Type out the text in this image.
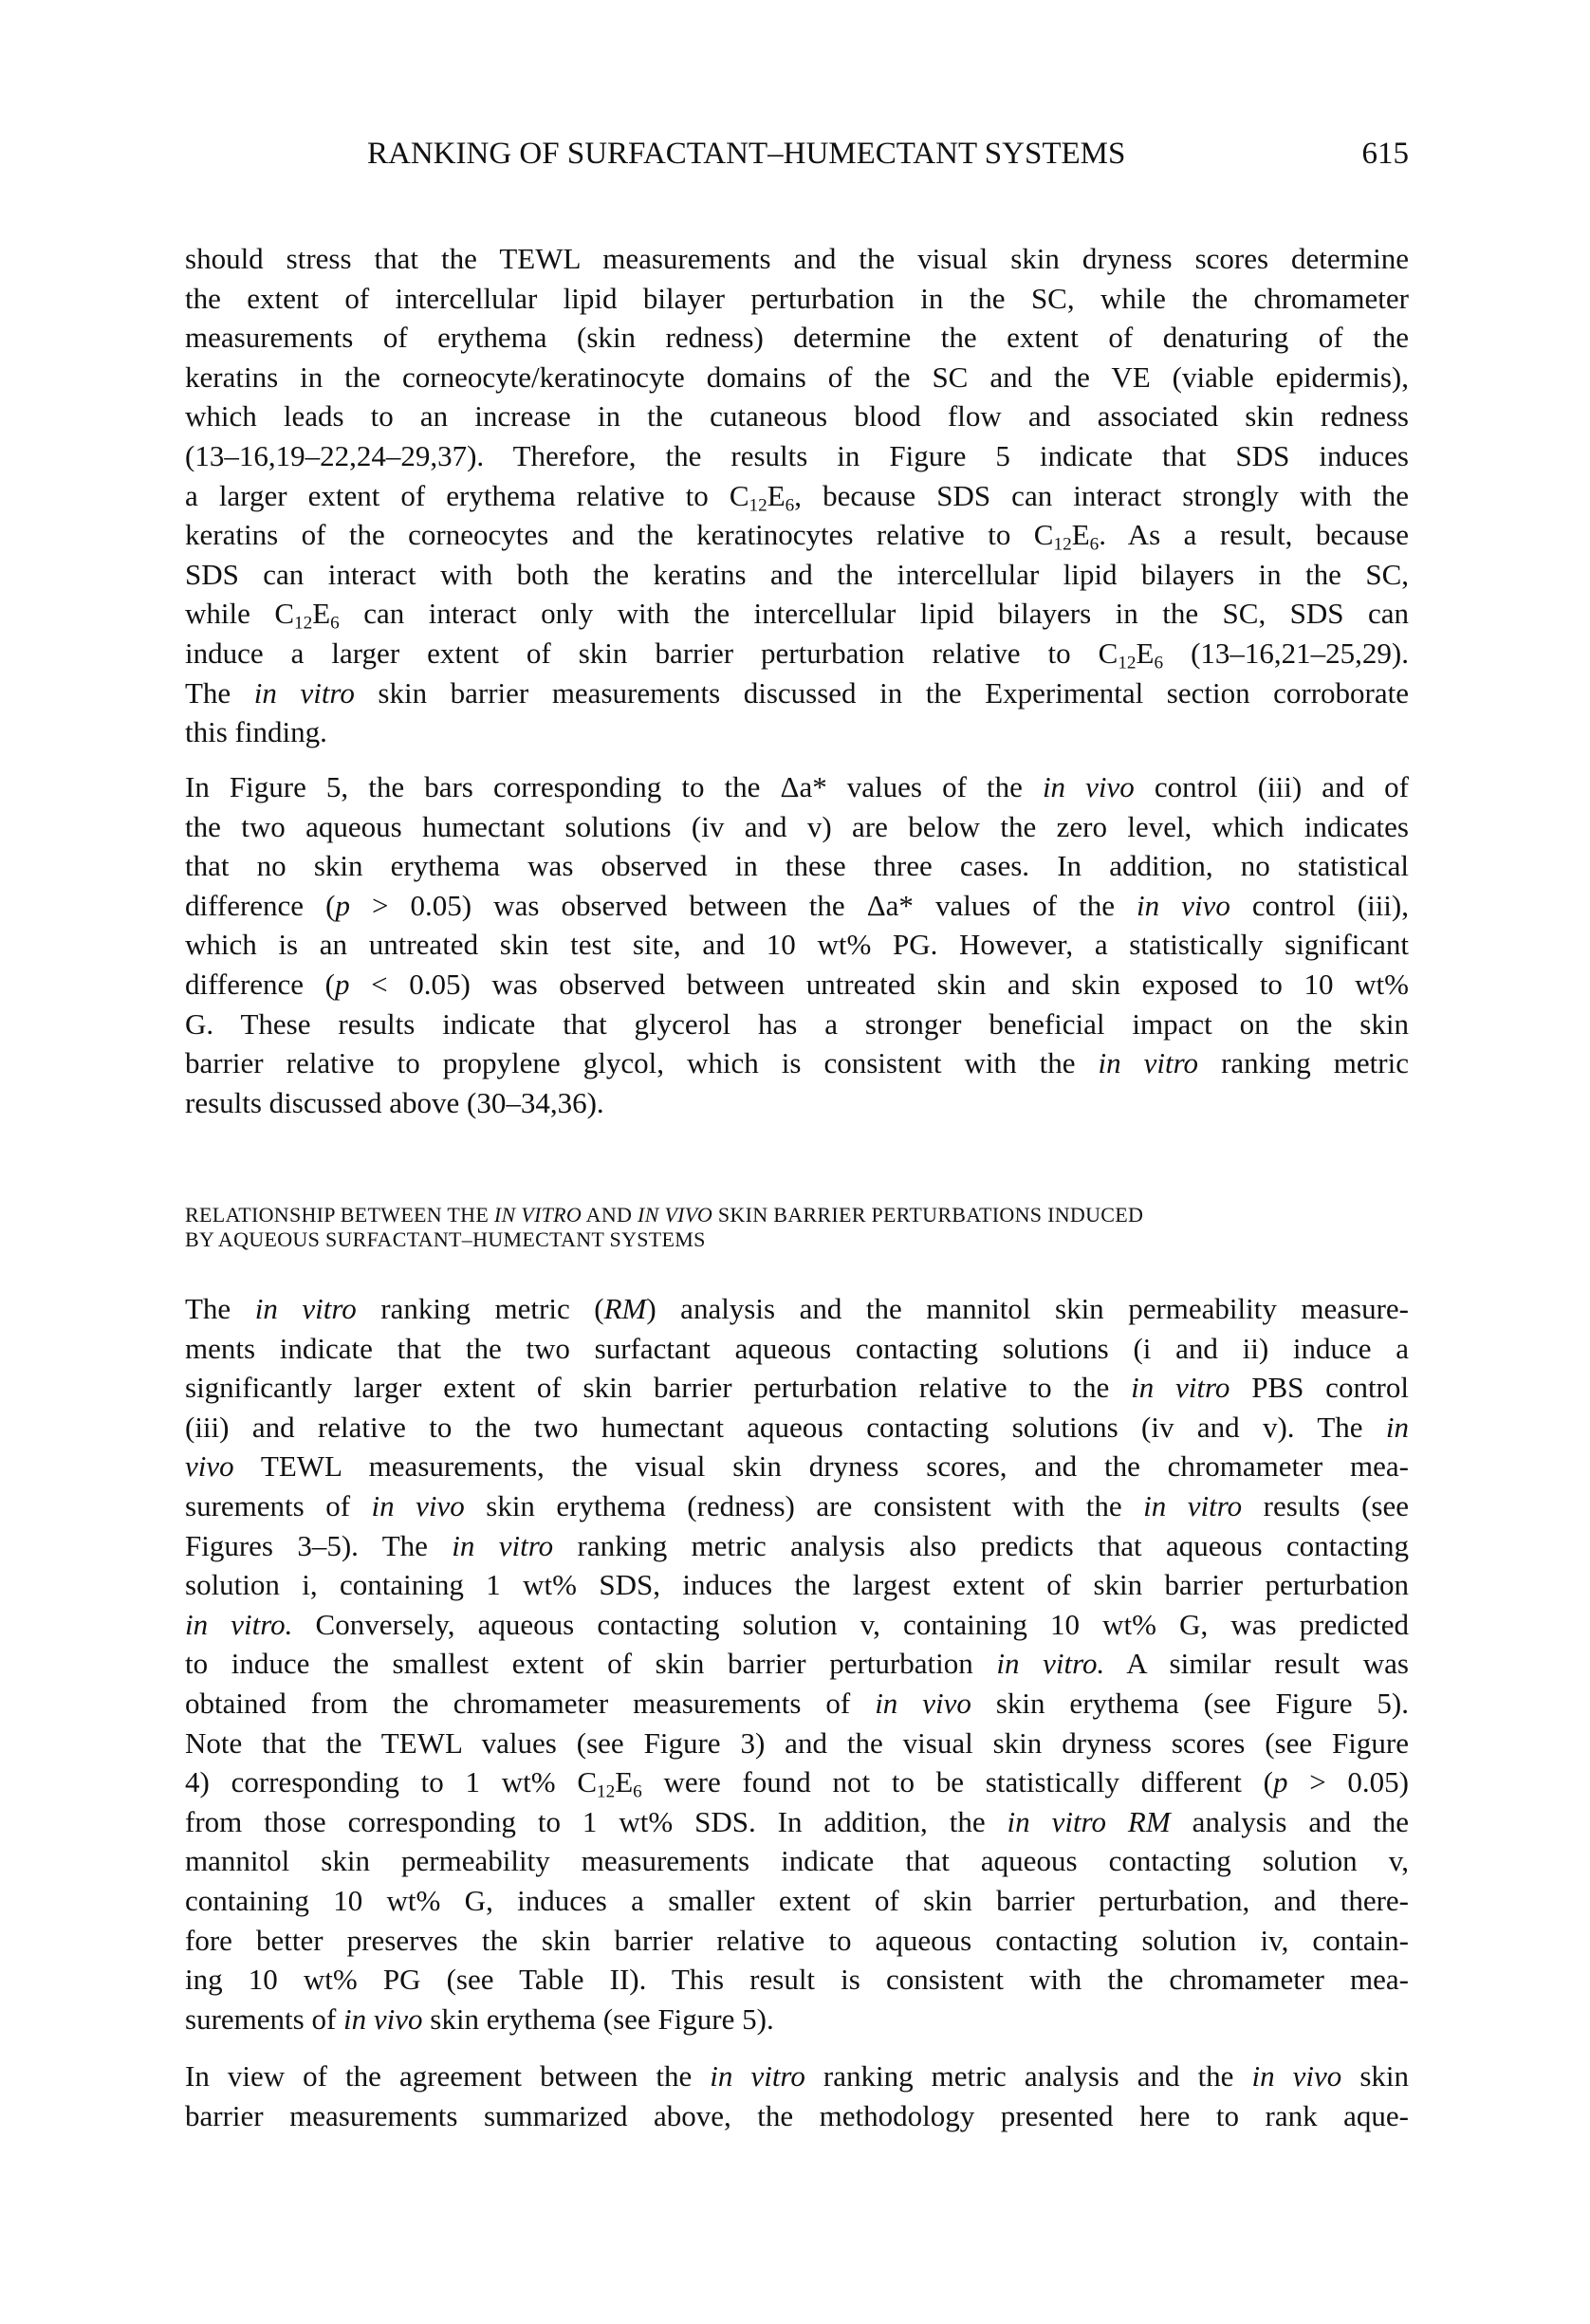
RANKING OF SURFACTANT–HUMECTANT SYSTEMS	615
should stress that the TEWL measurements and the visual skin dryness scores determine
the extent of intercellular lipid bilayer perturbation in the SC, while the chromameter
measurements of erythema (skin redness) determine the extent of denaturing of the
keratins in the corneocyte/keratinocyte domains of the SC and the VE (viable epidermis),
which leads to an increase in the cutaneous blood flow and associated skin redness
(13–16,19–22,24–29,37). Therefore, the results in Figure 5 indicate that SDS induces
a larger extent of erythema relative to $C_{12}E_6$, because SDS can interact strongly with the
keratins of the corneocytes and the keratinocytes relative to $C_{12}E_6$. As a result, because
SDS can interact with both the keratins and the intercellular lipid bilayers in the SC,
while $C_{12}E_6$ can interact only with the intercellular lipid bilayers in the SC, SDS can
induce a larger extent of skin barrier perturbation relative to $C_{12}E_6$ (13–16,21–25,29).
The in vitro skin barrier measurements discussed in the Experimental section corroborate
this finding.
In Figure 5, the bars corresponding to the Δa* values of the in vivo control (iii) and of
the two aqueous humectant solutions (iv and v) are below the zero level, which indicates
that no skin erythema was observed in these three cases. In addition, no statistical
difference (p > 0.05) was observed between the Δa* values of the in vivo control (iii),
which is an untreated skin test site, and 10 wt% PG. However, a statistically significant
difference (p < 0.05) was observed between untreated skin and skin exposed to 10 wt%
G. These results indicate that glycerol has a stronger beneficial impact on the skin
barrier relative to propylene glycol, which is consistent with the in vitro ranking metric
results discussed above (30–34,36).
RELATIONSHIP BETWEEN THE IN VITRO AND IN VIVO SKIN BARRIER PERTURBATIONS INDUCED
BY AQUEOUS SURFACTANT–HUMECTANT SYSTEMS
The in vitro ranking metric (RM) analysis and the mannitol skin permeability measure-
ments indicate that the two surfactant aqueous contacting solutions (i and ii) induce a
significantly larger extent of skin barrier perturbation relative to the in vitro PBS control
(iii) and relative to the two humectant aqueous contacting solutions (iv and v). The in
vivo TEWL measurements, the visual skin dryness scores, and the chromameter mea-
surements of in vivo skin erythema (redness) are consistent with the in vitro results (see
Figures 3–5). The in vitro ranking metric analysis also predicts that aqueous contacting
solution i, containing 1 wt% SDS, induces the largest extent of skin barrier perturbation
in vitro. Conversely, aqueous contacting solution v, containing 10 wt% G, was predicted
to induce the smallest extent of skin barrier perturbation in vitro. A similar result was
obtained from the chromameter measurements of in vivo skin erythema (see Figure 5).
Note that the TEWL values (see Figure 3) and the visual skin dryness scores (see Figure
4) corresponding to 1 wt% $C_{12}E_6$ were found not to be statistically different (p > 0.05)
from those corresponding to 1 wt% SDS. In addition, the in vitro RM analysis and the
mannitol skin permeability measurements indicate that aqueous contacting solution v,
containing 10 wt% G, induces a smaller extent of skin barrier perturbation, and there-
fore better preserves the skin barrier relative to aqueous contacting solution iv, contain-
ing 10 wt% PG (see Table II). This result is consistent with the chromameter mea-
surements of in vivo skin erythema (see Figure 5).
In view of the agreement between the in vitro ranking metric analysis and the in vivo skin
barrier measurements summarized above, the methodology presented here to rank aque-
